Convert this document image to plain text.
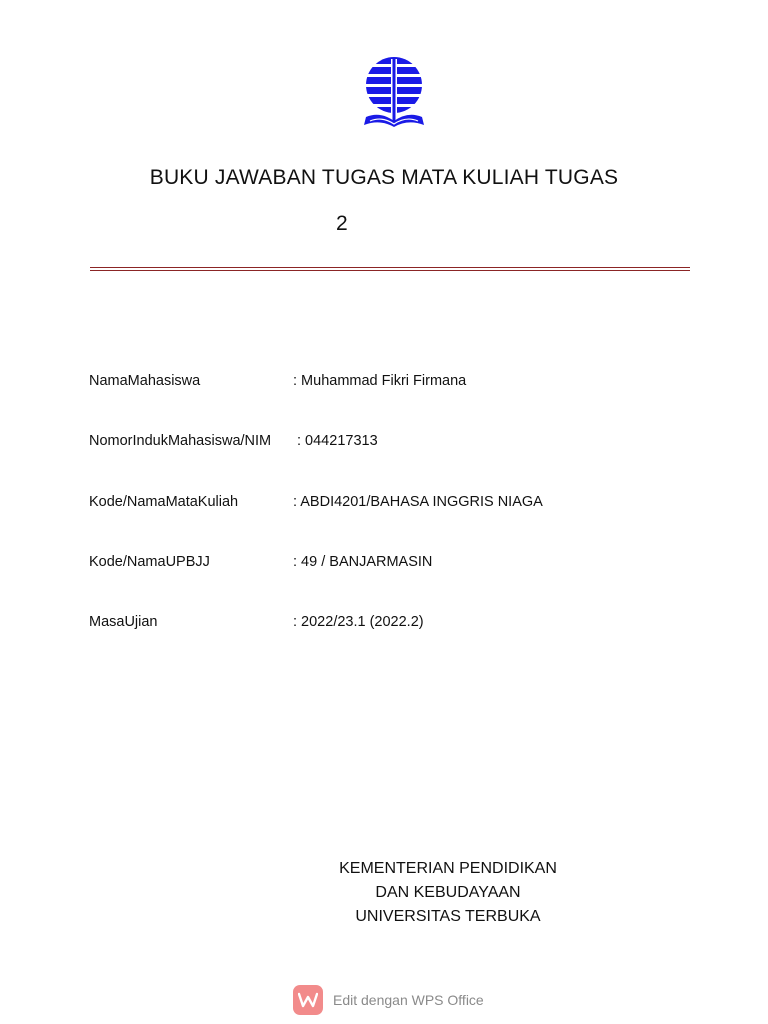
BUKU JAWABAN TUGAS MATA KULIAH TUGAS
2
NamaMahasiswa	: Muhammad Fikri Firmana
NomorIndukMahasiswa/NIM : 044217313
Kode/NamaMataKuliah	: ABDI4201/BAHASA INGGRIS NIAGA
Kode/NamaUPBJJ	: 49 / BANJARMASIN
MasaUjian	: 2022/23.1 (2022.2)
KEMENTERIAN PENDIDIKAN
DAN KEBUDAYAAN
UNIVERSITAS TERBUKA
Edit dengan WPS Office
